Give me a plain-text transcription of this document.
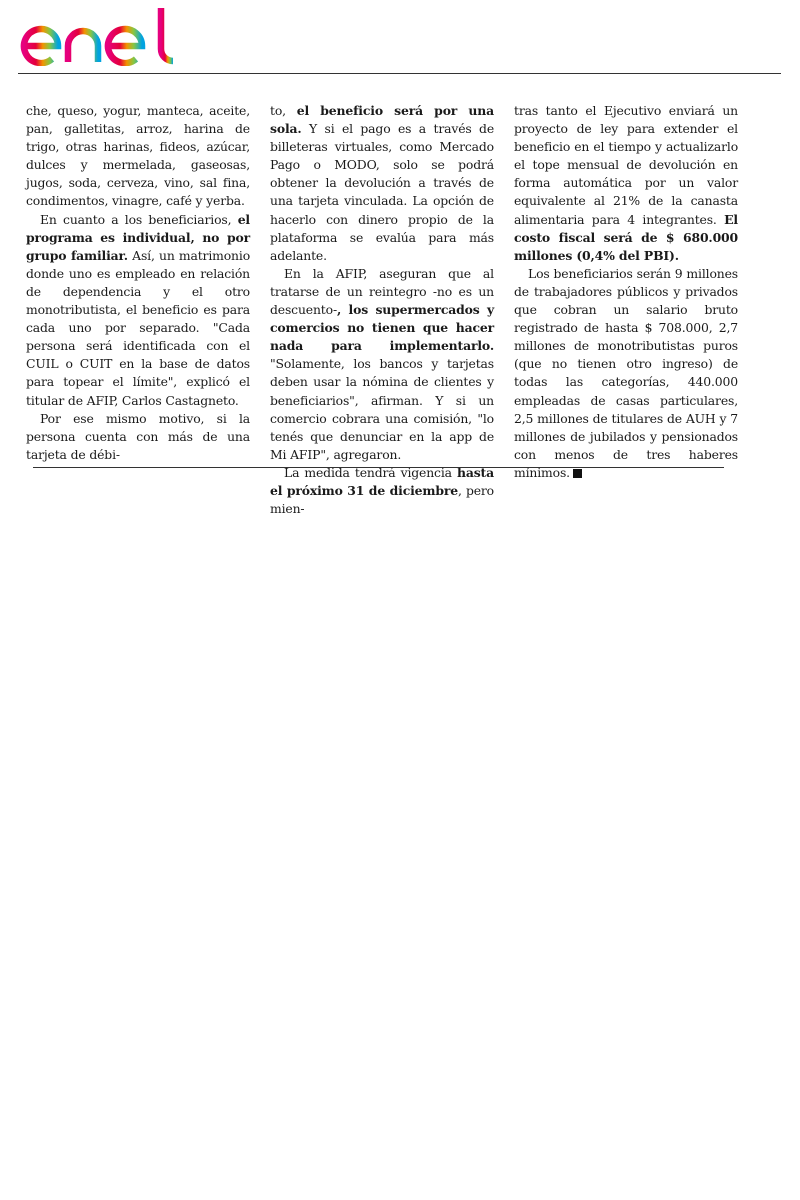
che, queso, yogur, manteca, aceite, pan, galletitas, arroz, harina de trigo, otras harinas, fideos, azúcar, dulces y mermelada, gaseosas, jugos, soda, cerveza, vino, sal fina, condimentos, vinagre, café y yerba.

En cuanto a los beneficiarios, el programa es individual, no por grupo familiar. Así, un matrimonio donde uno es empleado en relación de dependencia y el otro monotributista, el beneficio es para cada uno por separado. "Cada persona será identificada con el CUIL o CUIT en la base de datos para topear el límite", explicó el titular de AFIP, Carlos Castagneto.

Por ese mismo motivo, si la persona cuenta con más de una tarjeta de débi-

to, el beneficio será por una sola. Y si el pago es a través de billeteras virtuales, como Mercado Pago o MODO, solo se podrá obtener la devolución a través de una tarjeta vinculada. La opción de hacerlo con dinero propio de la plataforma se evalúa para más adelante.

En la AFIP, aseguran que al tratarse de un reintegro -no es un descuento-, los supermercados y comercios no tienen que hacer nada para implementarlo. "Solamente, los bancos y tarjetas deben usar la nómina de clientes y beneficiarios", afirman. Y si un comercio cobrara una comisión, "lo tenés que denunciar en la app de Mi AFIP", agregaron.

La medida tendrá vigencia hasta el próximo 31 de diciembre, pero mien-

tras tanto el Ejecutivo enviará un proyecto de ley para extender el beneficio en el tiempo y actualizarlo el tope mensual de devolución en forma automática por un valor equivalente al 21% de la canasta alimentaria para 4 integrantes. El costo fiscal será de $ 680.000 millones (0,4% del PBI).

Los beneficiarios serán 9 millones de trabajadores públicos y privados que cobran un salario bruto registrado de hasta $ 708.000, 2,7 millones de monotributistas puros (que no tienen otro ingreso) de todas las categorías, 440.000 empleadas de casas particulares, 2,5 millones de titulares de AUH y 7 millones de jubilados y pensionados con menos de tres haberes mínimos.
